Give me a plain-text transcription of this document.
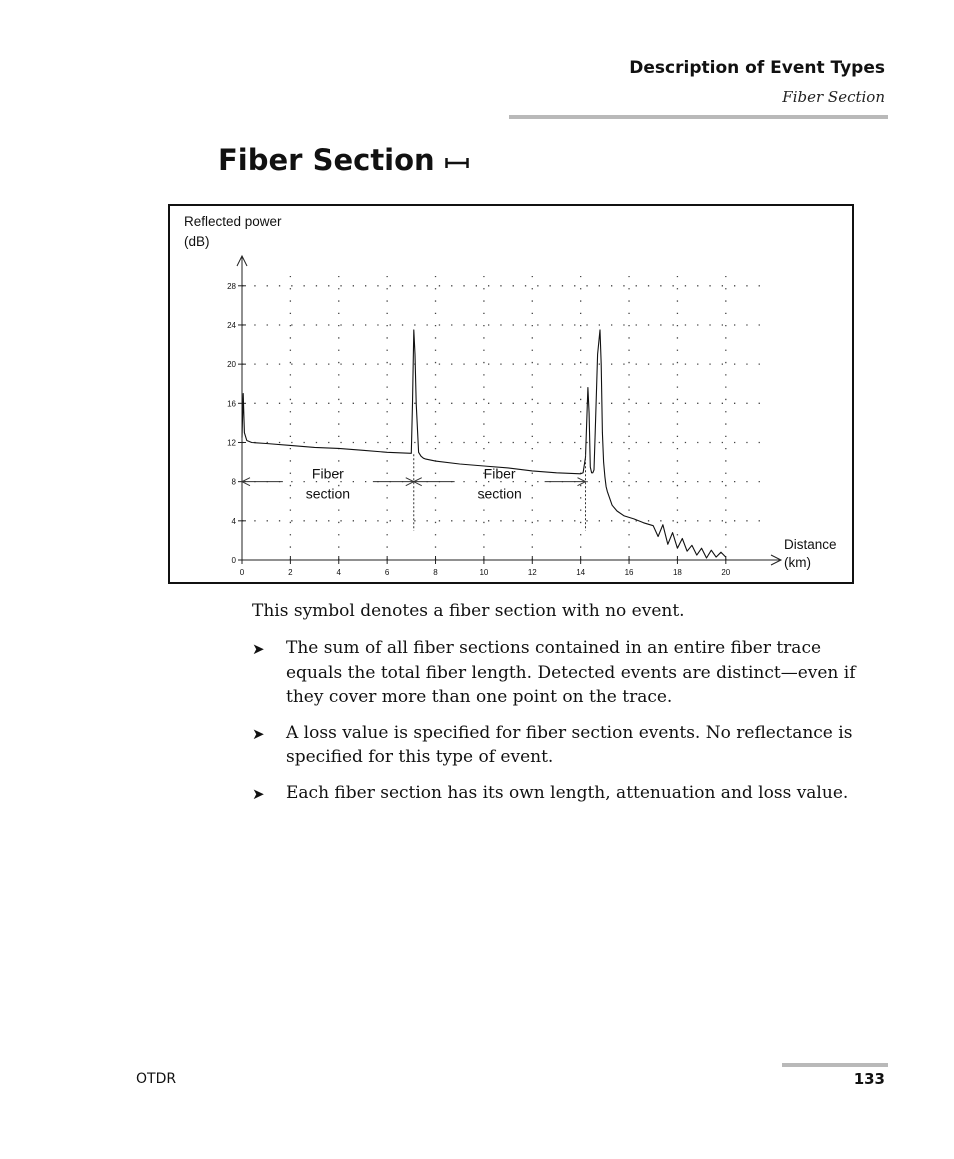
Description of Event Types
Fiber Section
Fiber Section
0	2	4	6	8	10	12	14	16	18	20
0
4
8
12
16
20
24
28
Reflected power
(dB)
Distance
(km)
Fiber
section
Fiber
section
This symbol denotes a fiber section with no event.
➤ The sum of all fiber sections contained in an entire fiber trace equals the total fiber length. Detected events are distinct—even if they cover more than one point on the trace.
➤ A loss value is specified for fiber section events. No reflectance is specified for this type of event.
➤ Each fiber section has its own length, attenuation and loss value.
OTDR	133
